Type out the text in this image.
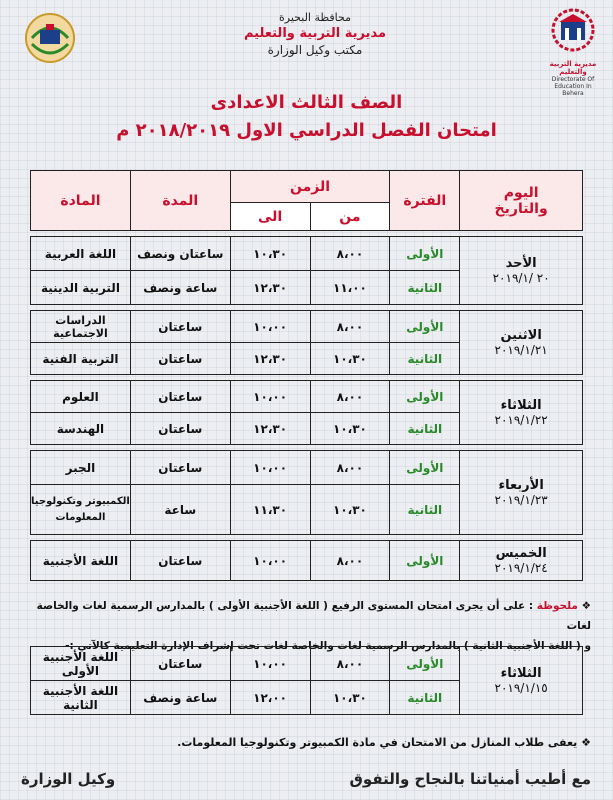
مديرية التربية والتعليم
Directorate Of Education In Behera
محافظة البحيرة
مديرية التربية والتعليم
مكتب وكيل الوزارة
الصف الثالث الاعدادى
امتحان الفصل الدراسي الاول ٢٠١٨/٢٠١٩ م
اليوم
والتاريخ	الفترة	الزمن		المدة	المادة
		من	الى		

الأحد
٢٠ /٢٠١٩/١	الأولى	٨،٠٠	١٠،٣٠	ساعتان ونصف	اللغة العربية
	الثانية	١١،٠٠	١٢،٣٠	ساعة ونصف	التربية الدينية

الاثنين
٢٠١٩/١/٢١	الأولى	٨،٠٠	١٠،٠٠	ساعتان	الدراسات الاجتماعية
	الثانية	١٠،٣٠	١٢،٣٠	ساعتان	التربية الفنية

الثلاثاء
٢٠١٩/١/٢٢	الأولى	٨،٠٠	١٠،٠٠	ساعتان	العلوم
	الثانية	١٠،٣٠	١٢،٣٠	ساعتان	الهندسة

الأربعاء
٢٠١٩/١/٢٣	الأولى	٨،٠٠	١٠،٠٠	ساعتان	الجبر
	الثانية	١٠،٣٠	١١،٣٠	ساعة	الكمبيوتر وتكنولوجيا المعلومات

الخميس
٢٠١٩/١/٢٤	الأولى	٨،٠٠	١٠،٠٠	ساعتان	اللغة الأجنبية
❖ ملحوظة : على أن يجرى امتحان المستوى الرفيع ( اللغة الأجنبية الأولى ) بالمدارس الرسمية لغات والخاصة لغات
و ( اللغة الأجنبية الثانية ) بالمدارس الرسمية لغات والخاصة لغات تحت إشراف الإدارة التعليمية كالآتي :-
الثلاثاء
٢٠١٩/١/١٥	الأولى	٨،٠٠	١٠،٠٠	ساعتان	اللغة الأجنبية الأولى
	الثانية	١٠،٣٠	١٢،٠٠	ساعة ونصف	اللغة الأجنبية الثانية
❖ يعفى طلاب المنازل من الامتحان في مادة الكمبيوتر وتكنولوجيا المعلومات.
مع أطيب أمنياتنا بالنجاح والتفوق
وكيل الوزارة
